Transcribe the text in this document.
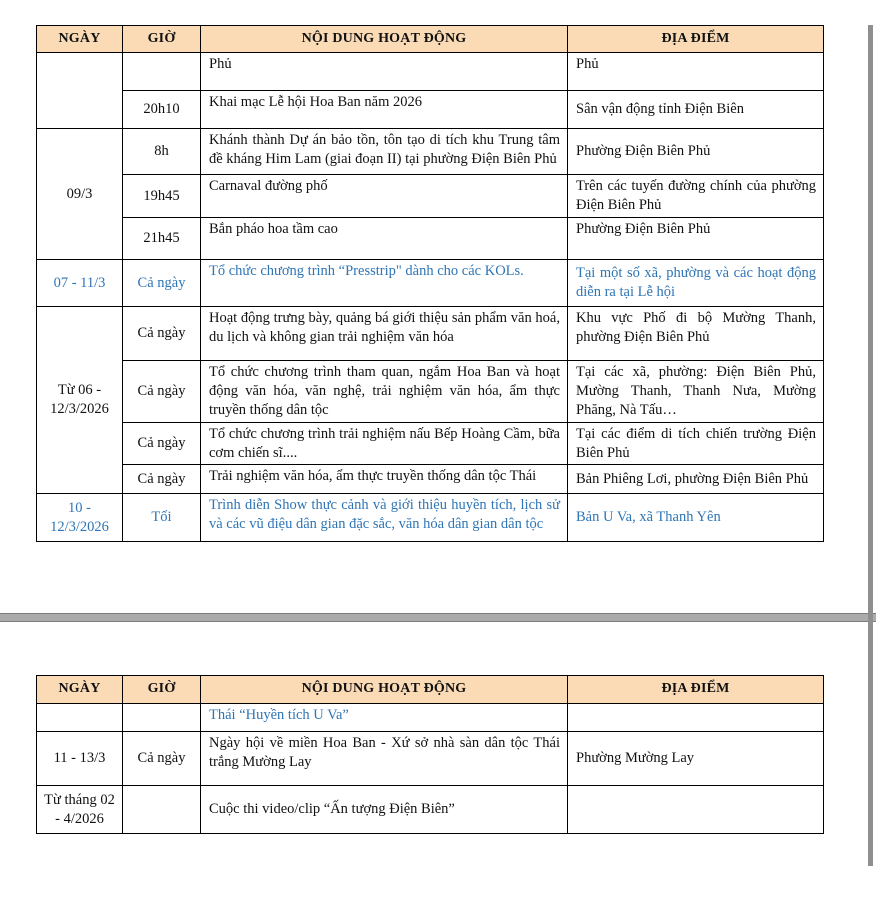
NGÀY	GIỜ	NỘI DUNG HOẠT ĐỘNG	ĐỊA ĐIỂM
		Phủ	Phủ
	20h10	Khai mạc Lễ hội Hoa Ban năm 2026	Sân vận động tỉnh Điện Biên
09/3	8h	Khánh thành Dự án bảo tồn, tôn tạo di tích khu Trung tâm đề kháng Him Lam (giai đoạn II) tại phường Điện Biên Phủ	Phường Điện Biên Phủ
	19h45	Carnaval đường phố	Trên các tuyến đường chính của phường Điện Biên Phủ
	21h45	Bắn pháo hoa tầm cao	Phường Điện Biên Phủ
07 - 11/3	Cả ngày	Tổ chức chương trình “Presstrip" dành cho các KOLs.	Tại một số xã, phường và các hoạt động diễn ra tại Lễ hội
Từ 06 - 12/3/2026	Cả ngày	Hoạt động trưng bày, quảng bá giới thiệu sản phẩm văn hoá, du lịch và không gian trải nghiệm văn hóa	Khu vực Phố đi bộ Mường Thanh, phường Điện Biên Phủ
	Cả ngày	Tổ chức chương trình tham quan, ngắm Hoa Ban và hoạt động văn hóa, văn nghệ, trải nghiệm văn hóa, ẩm thực truyền thống dân tộc	Tại các xã, phường: Điện Biên Phủ, Mường Thanh, Thanh Nưa, Mường Phăng, Nà Tấu…
	Cả ngày	Tổ chức chương trình trải nghiệm nấu Bếp Hoàng Cầm, bữa cơm chiến sĩ....	Tại các điểm di tích chiến trường Điện Biên Phủ
	Cả ngày	Trải nghiệm văn hóa, ẩm thực truyền thống dân tộc Thái	Bản Phiêng Lơi, phường Điện Biên Phủ
10 - 12/3/2026	Tối	Trình diễn Show thực cảnh và giới thiệu huyền tích, lịch sử và các vũ điệu dân gian đặc sắc, văn hóa dân gian dân tộc	Bản U Va, xã Thanh Yên
NGÀY	GIỜ	NỘI DUNG HOẠT ĐỘNG	ĐỊA ĐIỂM
		Thái “Huyền tích U Va”	
11 - 13/3	Cả ngày	Ngày hội về miền Hoa Ban - Xứ sở nhà sàn dân tộc Thái trắng Mường Lay	Phường Mường Lay
Từ tháng 02 - 4/2026		Cuộc thi video/clip “Ấn tượng Điện Biên”	
